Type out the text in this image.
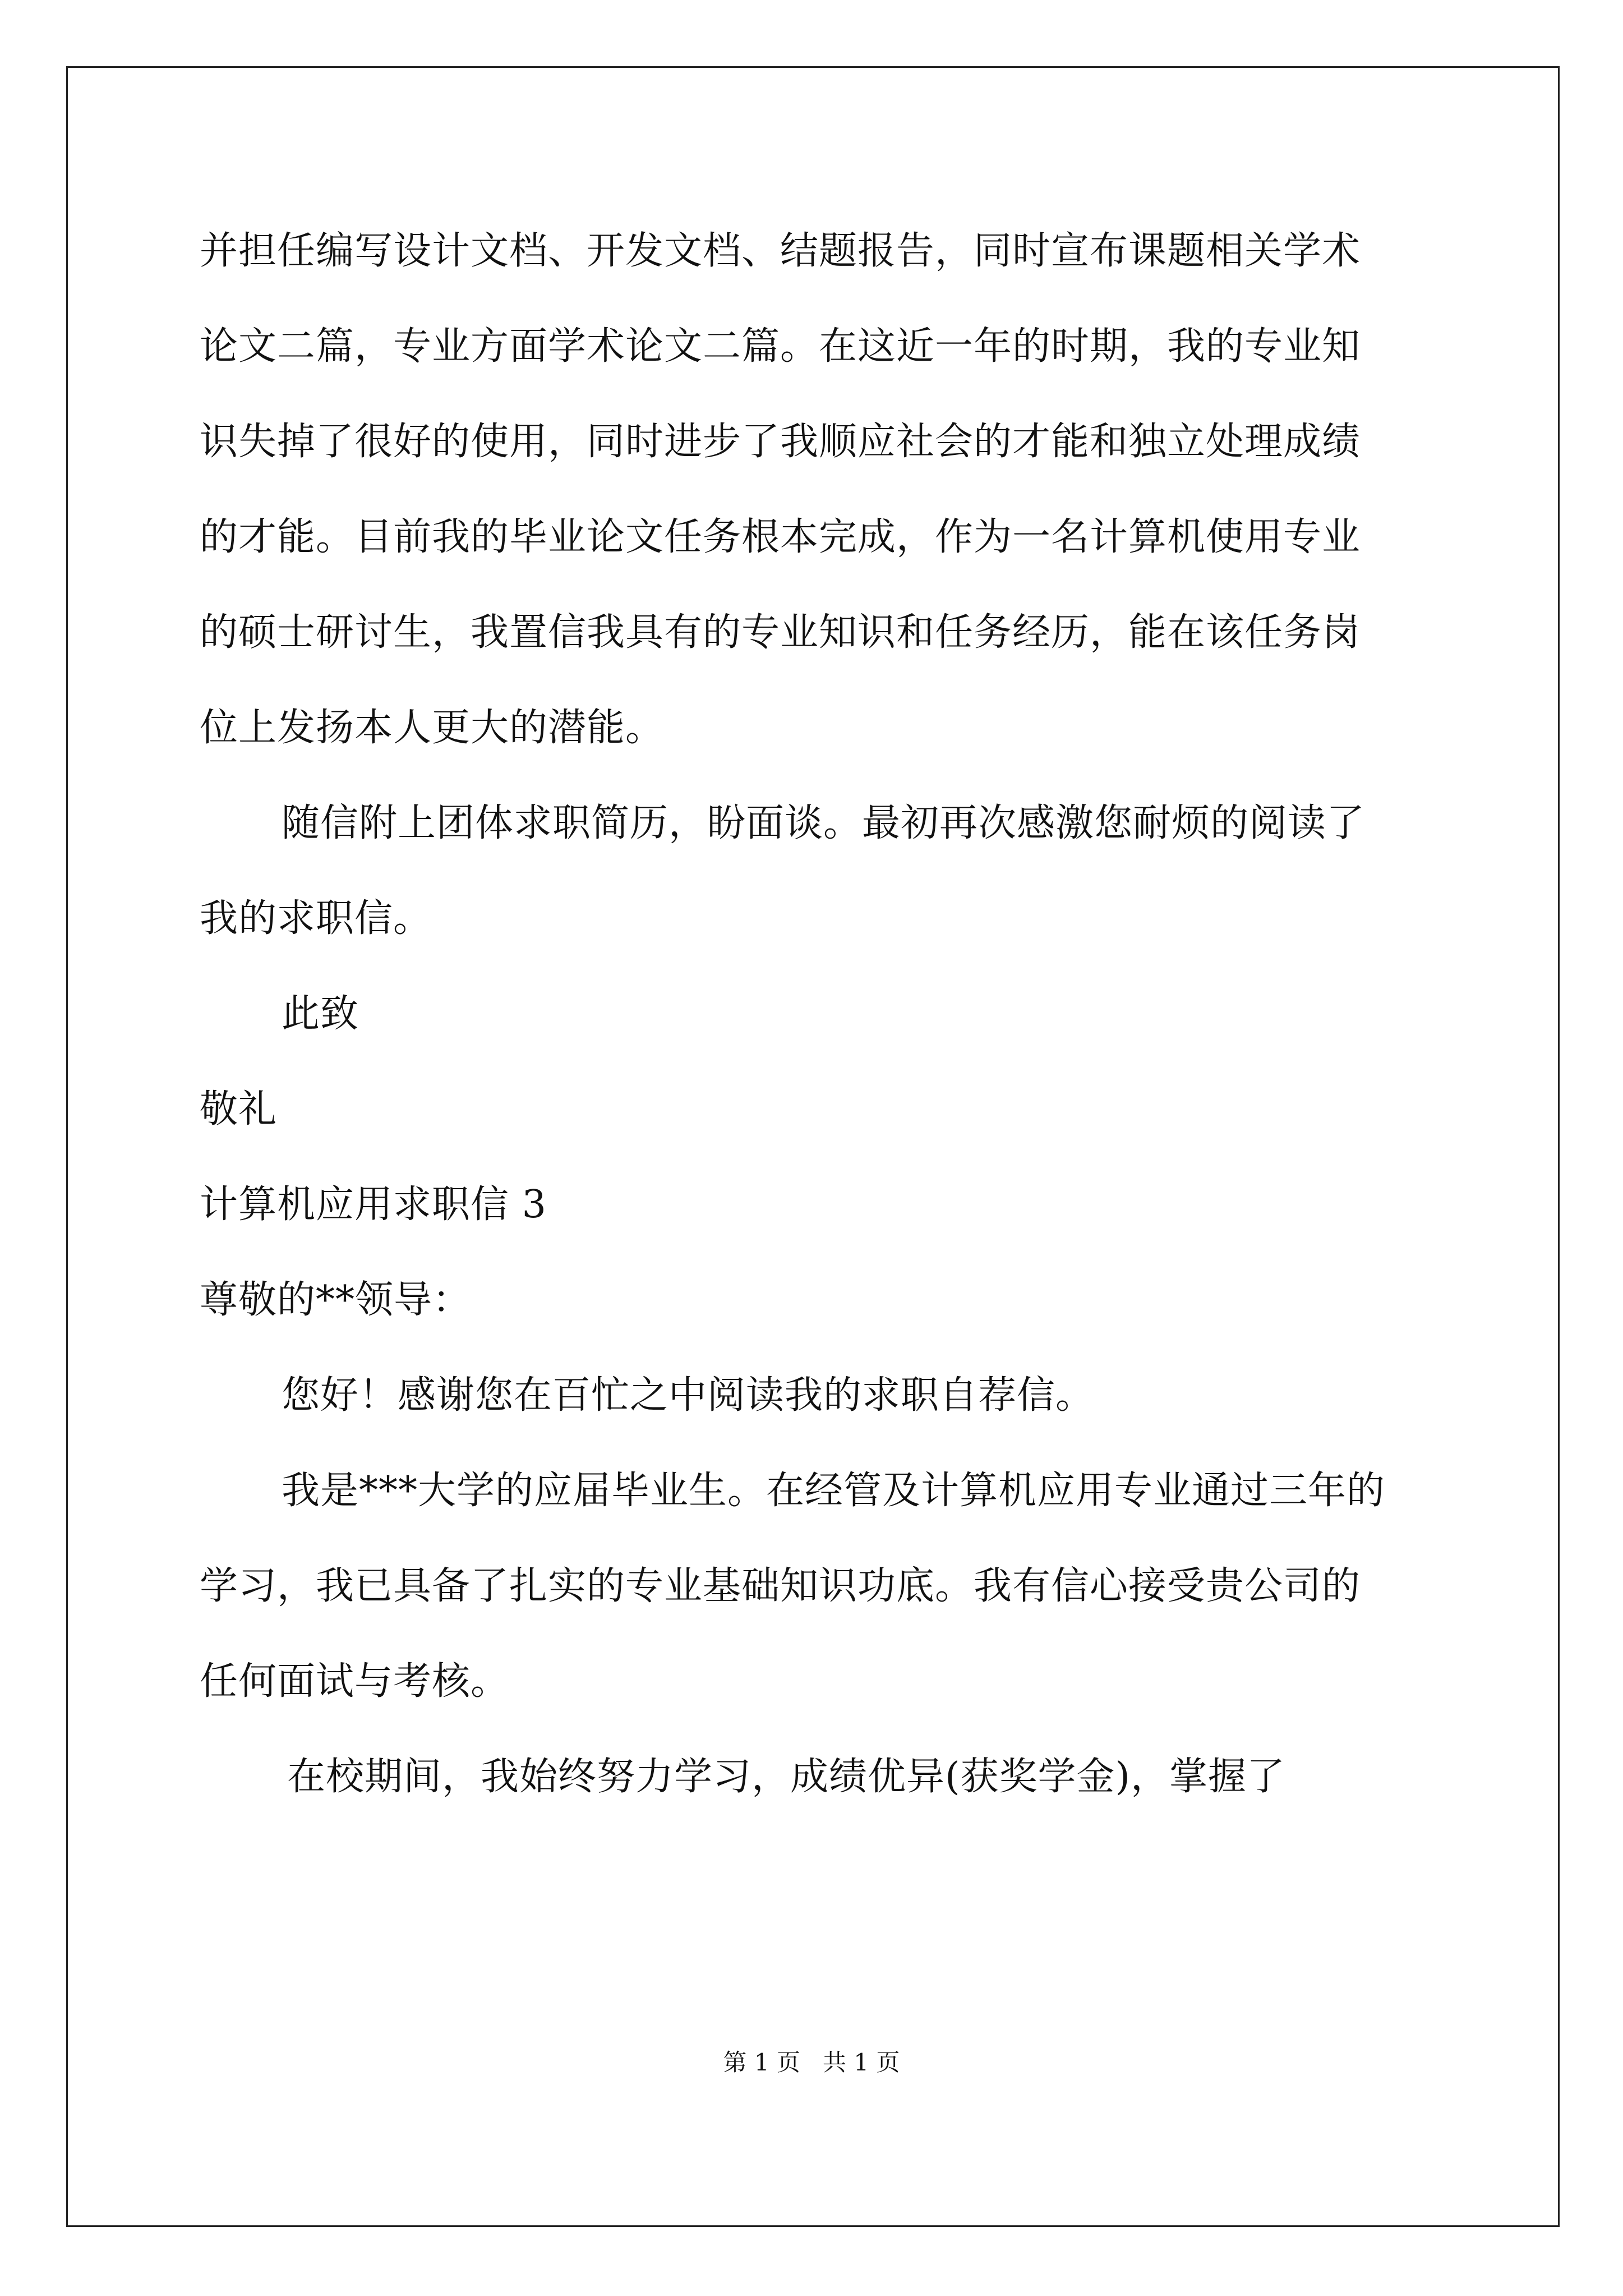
并担任编写设计文档、开发文档、结题报告，同时宣布课题相关学术
论文二篇，专业方面学术论文二篇。在这近一年的时期，我的专业知
识失掉了很好的使用，同时进步了我顺应社会的才能和独立处理成绩
的才能。目前我的毕业论文任务根本完成，作为一名计算机使用专业
的硕士研讨生，我置信我具有的专业知识和任务经历，能在该任务岗
位上发扬本人更大的潜能。
随信附上团体求职简历，盼面谈。最初再次感激您耐烦的阅读了
我的求职信。
此致
敬礼
计算机应用求职信 3
尊敬的**领导：
您好！感谢您在百忙之中阅读我的求职自荐信。
我是***大学的应届毕业生。在经管及计算机应用专业通过三年的
学习，我已具备了扎实的专业基础知识功底。我有信心接受贵公司的
任何面试与考核。
在校期间，我始终努力学习，成绩优异(获奖学金)，掌握了
第 1 页   共 1 页
